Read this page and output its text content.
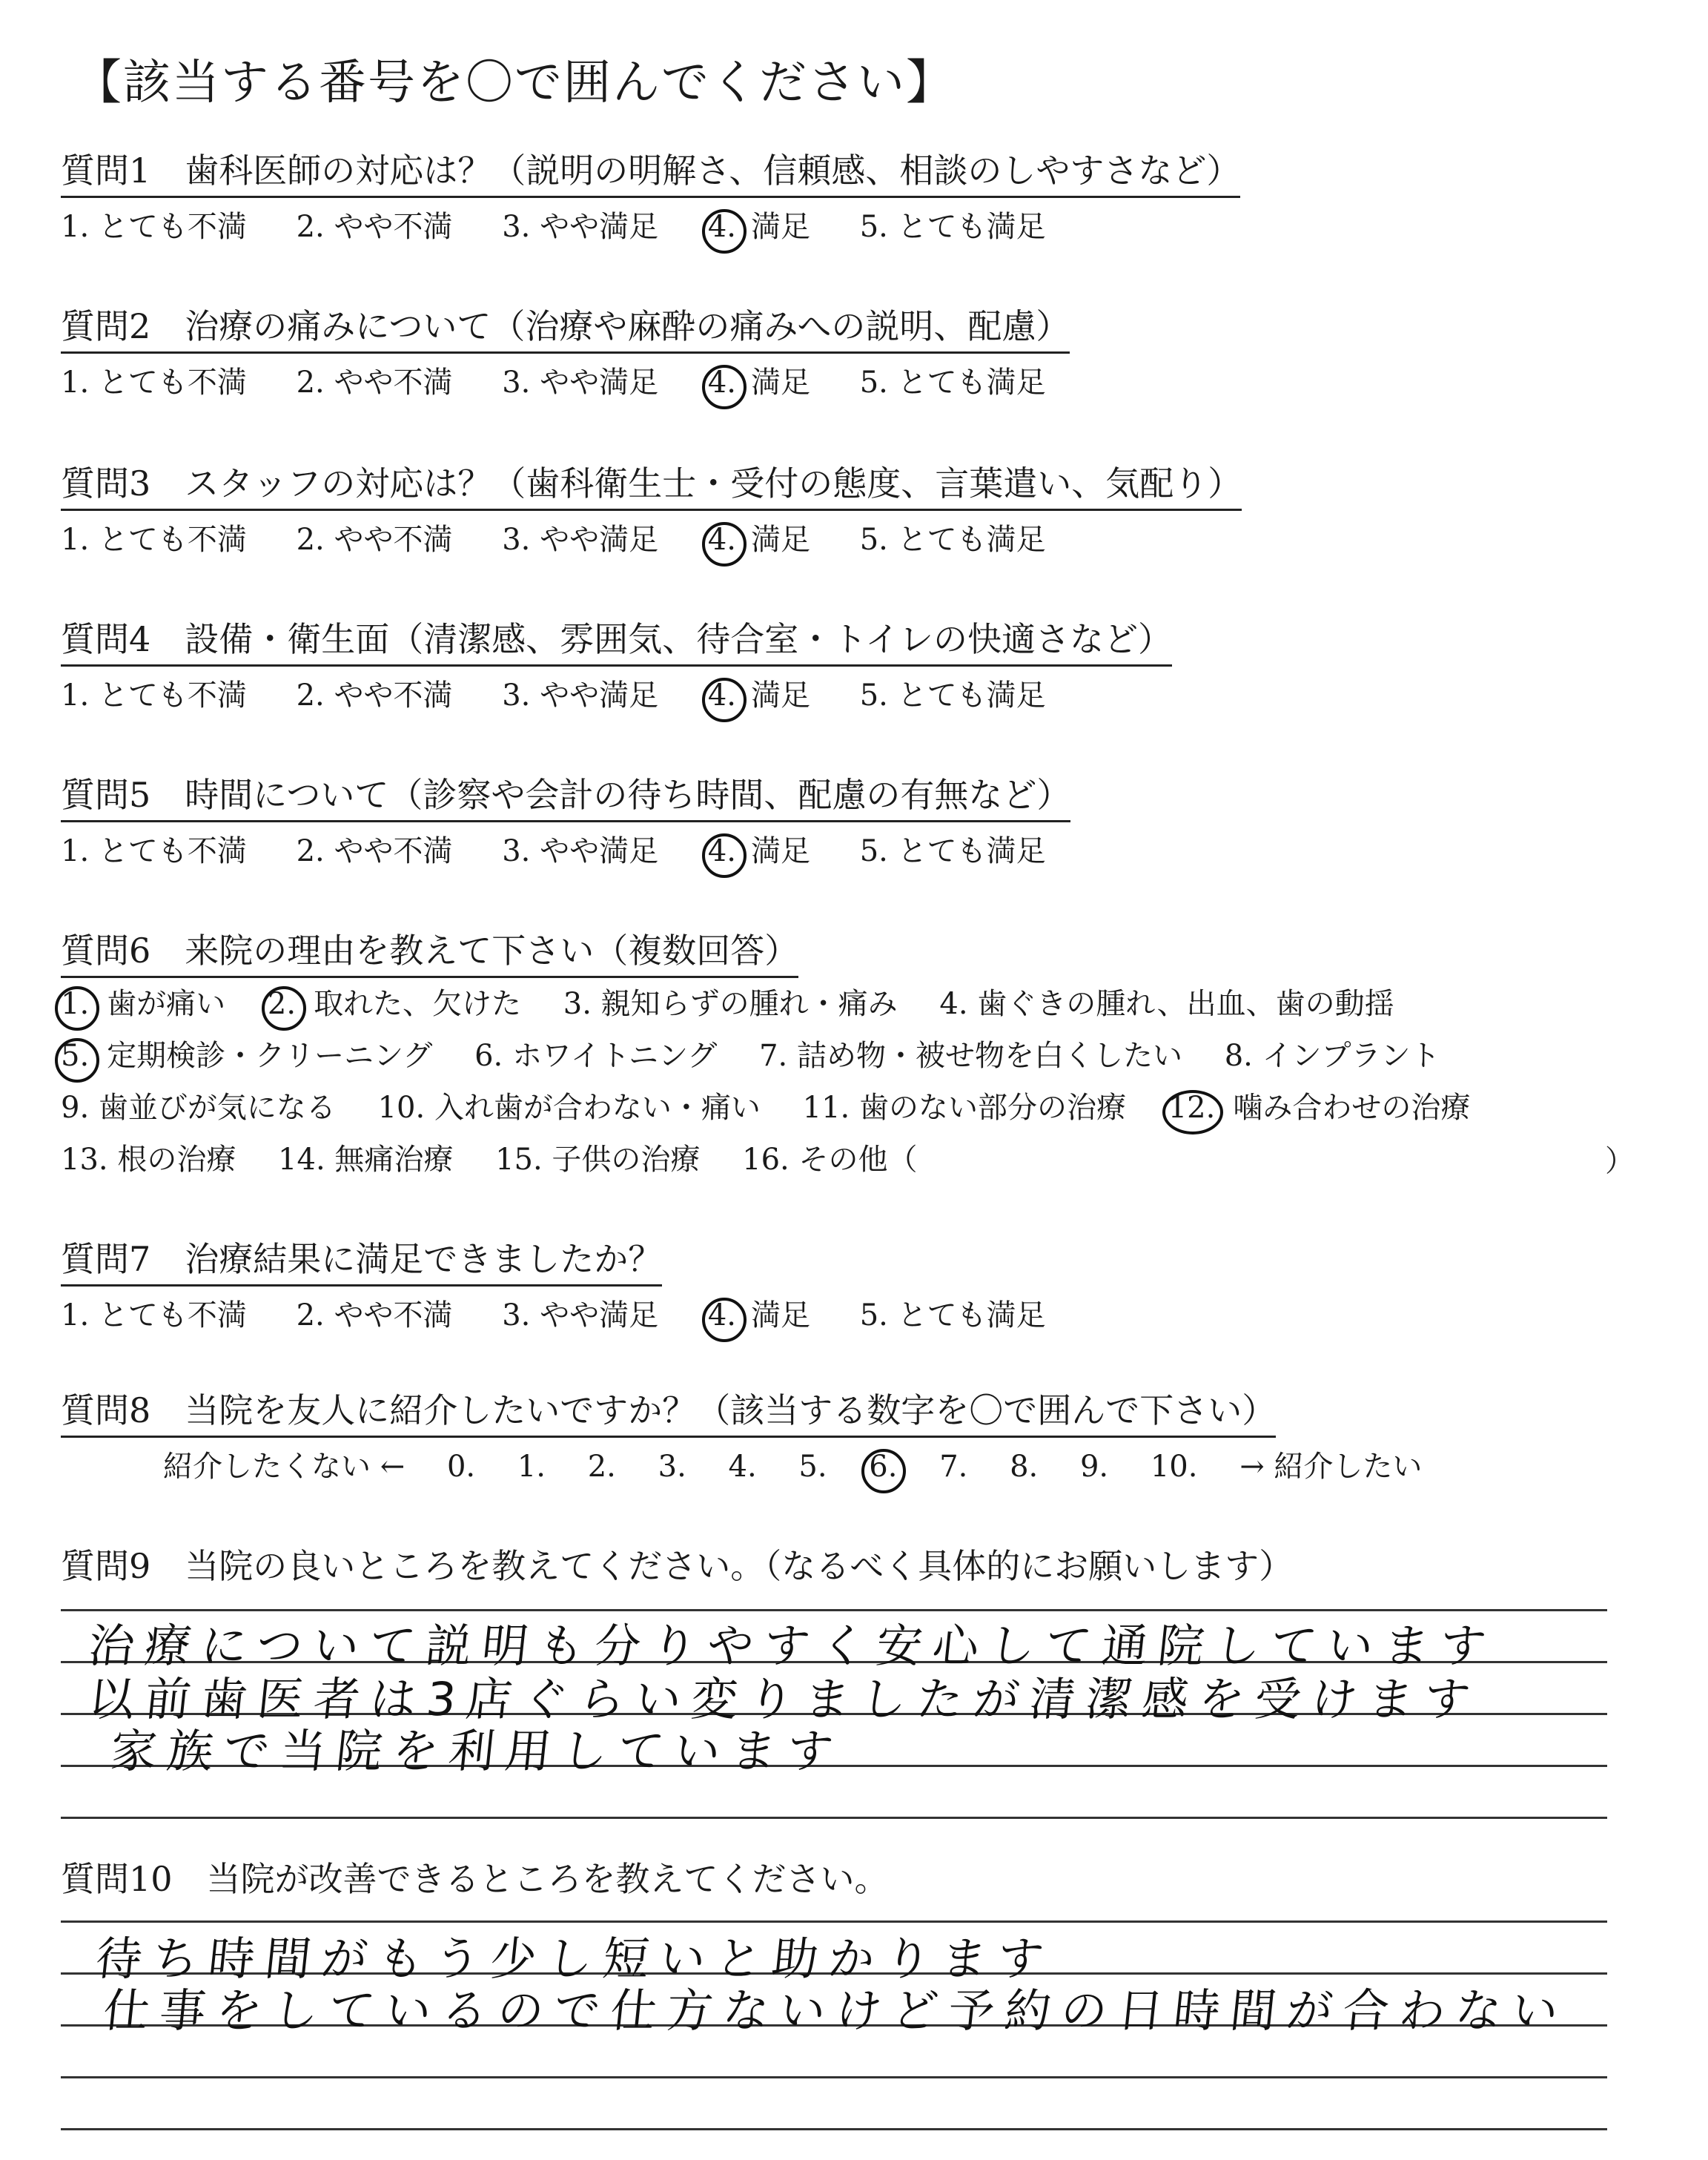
【該当する番号を〇で囲んでください】
質問1　歯科医師の対応は？（説明の明解さ、信頼感、相談のしやすさなど）
1. とても不満 2. やや不満 3. やや満足 4. 満足 5. とても満足
質問2　治療の痛みについて（治療や麻酔の痛みへの説明、配慮）
1. とても不満 2. やや不満 3. やや満足 4. 満足 5. とても満足
質問3　スタッフの対応は？（歯科衛生士・受付の態度、言葉遣い、気配り）
1. とても不満 2. やや不満 3. やや満足 4. 満足 5. とても満足
質問4　設備・衛生面（清潔感、雰囲気、待合室・トイレの快適さなど）
1. とても不満 2. やや不満 3. やや満足 4. 満足 5. とても満足
質問5　時間について（診察や会計の待ち時間、配慮の有無など）
1. とても不満 2. やや不満 3. やや満足 4. 満足 5. とても満足
質問6　来院の理由を教えて下さい（複数回答）
1. 歯が痛い 2. 取れた、欠けた 3. 親知らずの腫れ・痛み 4. 歯ぐきの腫れ、出血、歯の動揺
5. 定期検診・クリーニング 6. ホワイトニング 7. 詰め物・被せ物を白くしたい 8. インプラント
9. 歯並びが気になる 10. 入れ歯が合わない・痛い 11. 歯のない部分の治療 12. 噛み合わせの治療
13. 根の治療 14. 無痛治療 15. 子供の治療 16. その他（	）
質問7　治療結果に満足できましたか？
1. とても不満 2. やや不満 3. やや満足 4. 満足 5. とても満足
質問8　当院を友人に紹介したいですか？（該当する数字を〇で囲んで下さい）
紹介したくない ← 0. 1. 2. 3. 4. 5. 6. 7. 8. 9. 10. → 紹介したい
質問9　当院の良いところを教えてください。（なるべく具体的にお願いします）
治療について説明も分りやすく安心して通院しています
以前歯医者は3店ぐらい変りましたが清潔感を受けます
家族で当院を利用しています
質問10　当院が改善できるところを教えてください。
待ち時間がもう少し短いと助かります
仕事をしているので仕方ないけど予約の日時間が合わない
